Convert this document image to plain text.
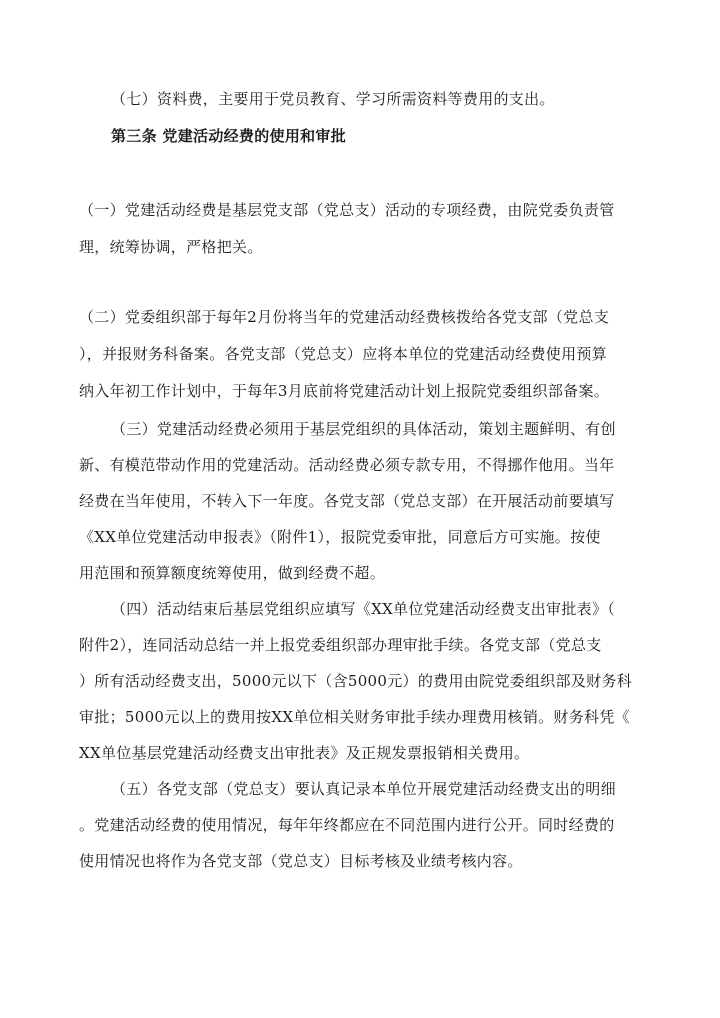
（七）资料费，主要用于党员教育、学习所需资料等费用的支出。
第三条 党建活动经费的使用和审批
（一）党建活动经费是基层党支部（党总支）活动的专项经费，由院党委负责管
理，统筹协调，严格把关。
（二）党委组织部于每年2月份将当年的党建活动经费核拨给各党支部（党总支
），并报财务科备案。各党支部（党总支）应将本单位的党建活动经费使用预算
纳入年初工作计划中，于每年3月底前将党建活动计划上报院党委组织部备案。
（三）党建活动经费必须用于基层党组织的具体活动，策划主题鲜明、有创
新、有模范带动作用的党建活动。活动经费必须专款专用，不得挪作他用。当年
经费在当年使用，不转入下一年度。各党支部（党总支部）在开展活动前要填写
《XX单位党建活动申报表》（附件1），报院党委审批，同意后方可实施。按使
用范围和预算额度统筹使用，做到经费不超。
（四）活动结束后基层党组织应填写《XX单位党建活动经费支出审批表》（
附件2），连同活动总结一并上报党委组织部办理审批手续。各党支部（党总支
）所有活动经费支出，5000元以下（含5000元）的费用由院党委组织部及财务科
审批；5000元以上的费用按XX单位相关财务审批手续办理费用核销。财务科凭《
XX单位基层党建活动经费支出审批表》及正规发票报销相关费用。
（五）各党支部（党总支）要认真记录本单位开展党建活动经费支出的明细
。党建活动经费的使用情况，每年年终都应在不同范围内进行公开。同时经费的
使用情况也将作为各党支部（党总支）目标考核及业绩考核内容。
